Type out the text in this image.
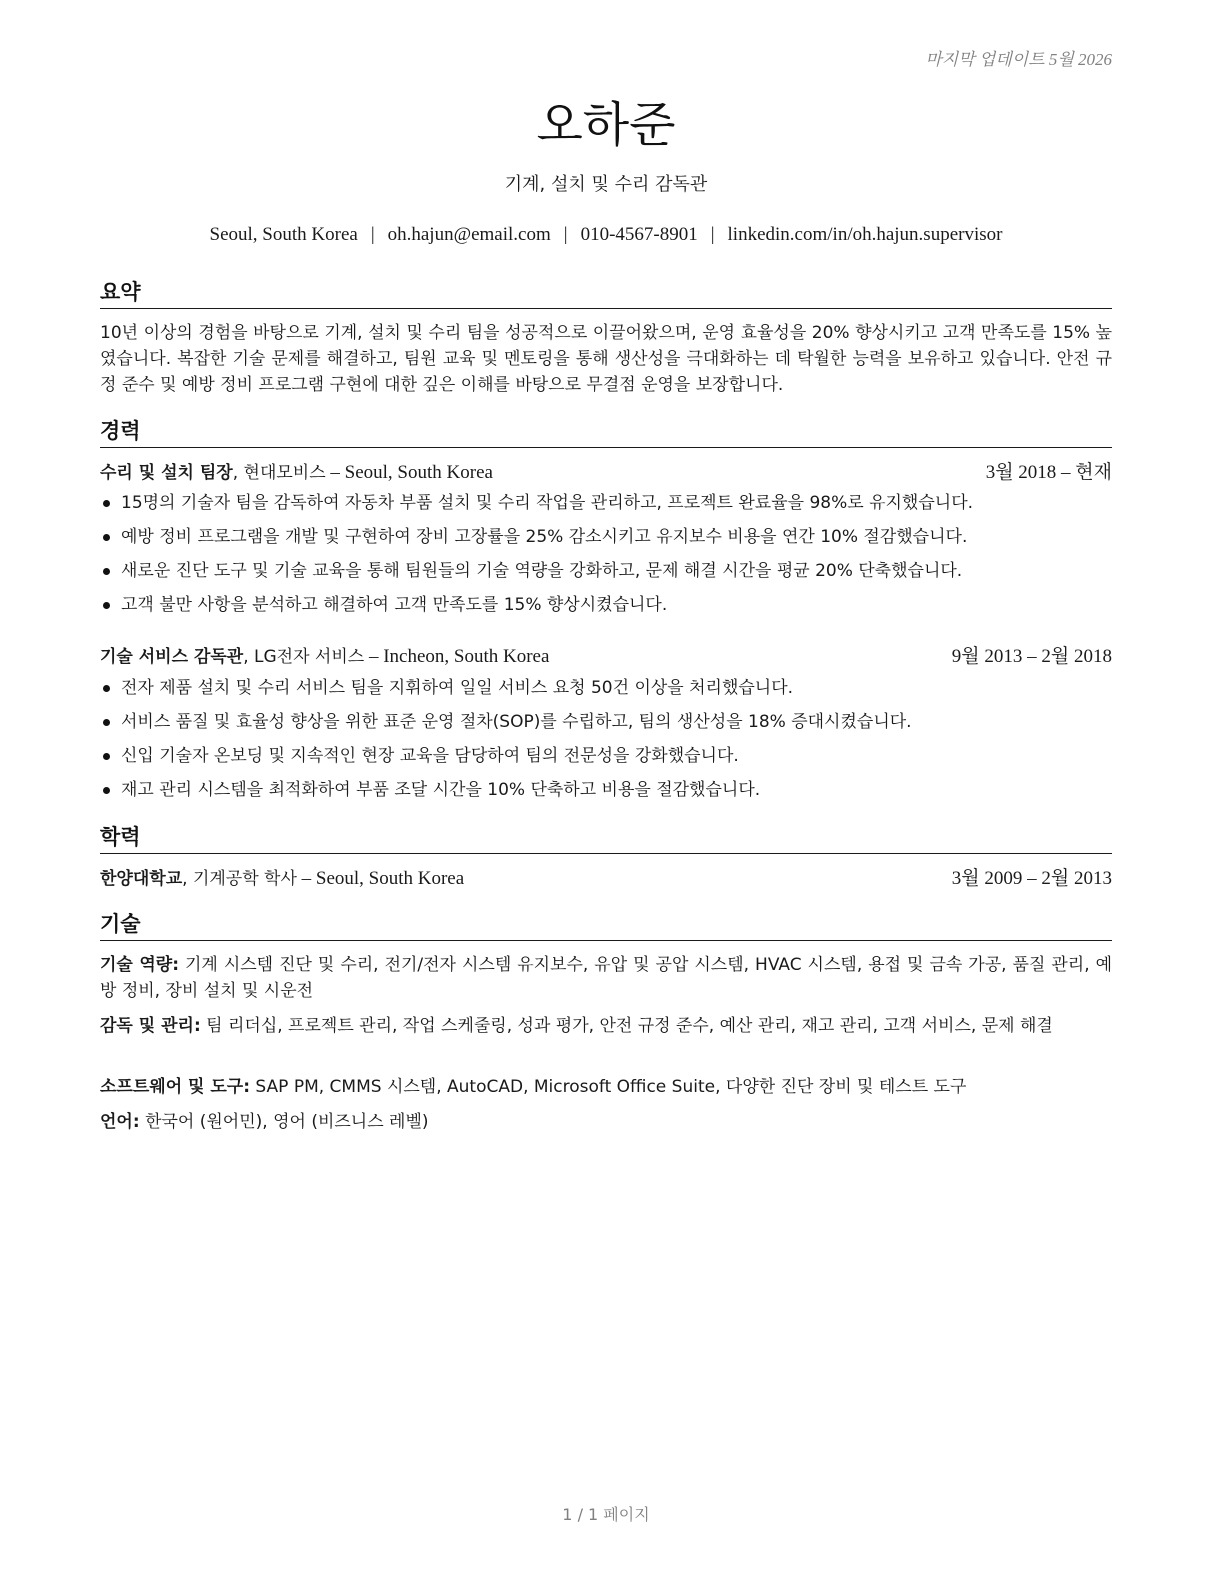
마지막 업데이트 5월 2026
오하준
기계, 설치 및 수리 감독관
Seoul, South Korea | oh.hajun@email.com | 010-4567-8901 | linkedin.com/in/oh.hajun.supervisor
요약
10년 이상의 경험을 바탕으로 기계, 설치 및 수리 팀을 성공적으로 이끌어왔으며, 운영 효율성을 20% 향상시키고 고객 만족도를 15% 높였습니다. 복잡한 기술 문제를 해결하고, 팀원 교육 및 멘토링을 통해 생산성을 극대화하는 데 탁월한 능력을 보유하고 있습니다. 안전 규정 준수 및 예방 정비 프로그램 구현에 대한 깊은 이해를 바탕으로 무결점 운영을 보장합니다.
경력
수리 및 설치 팀장, 현대모비스 – Seoul, South Korea	3월 2018 – 현재
15명의 기술자 팀을 감독하여 자동차 부품 설치 및 수리 작업을 관리하고, 프로젝트 완료율을 98%로 유지했습니다.
예방 정비 프로그램을 개발 및 구현하여 장비 고장률을 25% 감소시키고 유지보수 비용을 연간 10% 절감했습니다.
새로운 진단 도구 및 기술 교육을 통해 팀원들의 기술 역량을 강화하고, 문제 해결 시간을 평균 20% 단축했습니다.
고객 불만 사항을 분석하고 해결하여 고객 만족도를 15% 향상시켰습니다.
기술 서비스 감독관, LG전자 서비스 – Incheon, South Korea	9월 2013 – 2월 2018
전자 제품 설치 및 수리 서비스 팀을 지휘하여 일일 서비스 요청 50건 이상을 처리했습니다.
서비스 품질 및 효율성 향상을 위한 표준 운영 절차(SOP)를 수립하고, 팀의 생산성을 18% 증대시켰습니다.
신입 기술자 온보딩 및 지속적인 현장 교육을 담당하여 팀의 전문성을 강화했습니다.
재고 관리 시스템을 최적화하여 부품 조달 시간을 10% 단축하고 비용을 절감했습니다.
학력
한양대학교, 기계공학 학사 – Seoul, South Korea	3월 2009 – 2월 2013
기술
기술 역량: 기계 시스템 진단 및 수리, 전기/전자 시스템 유지보수, 유압 및 공압 시스템, HVAC 시스템, 용접 및 금속 가공, 품질 관리, 예방 정비, 장비 설치 및 시운전
감독 및 관리: 팀 리더십, 프로젝트 관리, 작업 스케줄링, 성과 평가, 안전 규정 준수, 예산 관리, 재고 관리, 고객 서비스, 문제 해결
소프트웨어 및 도구: SAP PM, CMMS 시스템, AutoCAD, Microsoft Office Suite, 다양한 진단 장비 및 테스트 도구
언어: 한국어 (원어민), 영어 (비즈니스 레벨)
1 / 1 페이지
